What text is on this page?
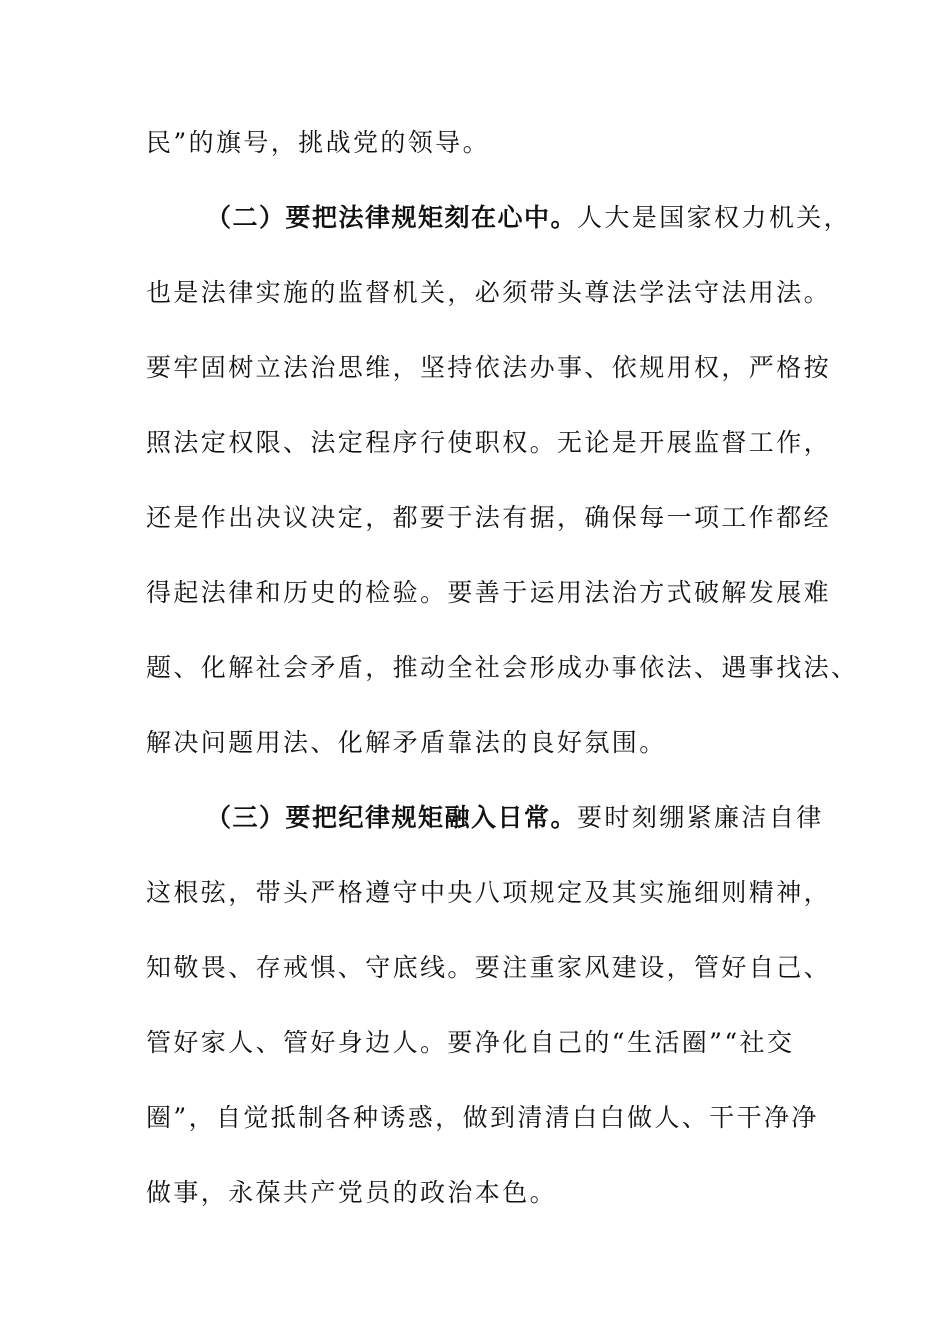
民”的旗号，挑战党的领导。
（二）要把法律规矩刻在心中。人大是国家权力机关，
也是法律实施的监督机关，必须带头尊法学法守法用法。
要牢固树立法治思维，坚持依法办事、依规用权，严格按
照法定权限、法定程序行使职权。无论是开展监督工作，
还是作出决议决定，都要于法有据，确保每一项工作都经
得起法律和历史的检验。要善于运用法治方式破解发展难
题、化解社会矛盾，推动全社会形成办事依法、遇事找法、
解决问题用法、化解矛盾靠法的良好氛围。
（三）要把纪律规矩融入日常。要时刻绷紧廉洁自律
这根弦，带头严格遵守中央八项规定及其实施细则精神，
知敬畏、存戒惧、守底线。要注重家风建设，管好自己、
管好家人、管好身边人。要净化自己的“生活圈”“社交
圈”，自觉抵制各种诱惑，做到清清白白做人、干干净净
做事，永葆共产党员的政治本色。
